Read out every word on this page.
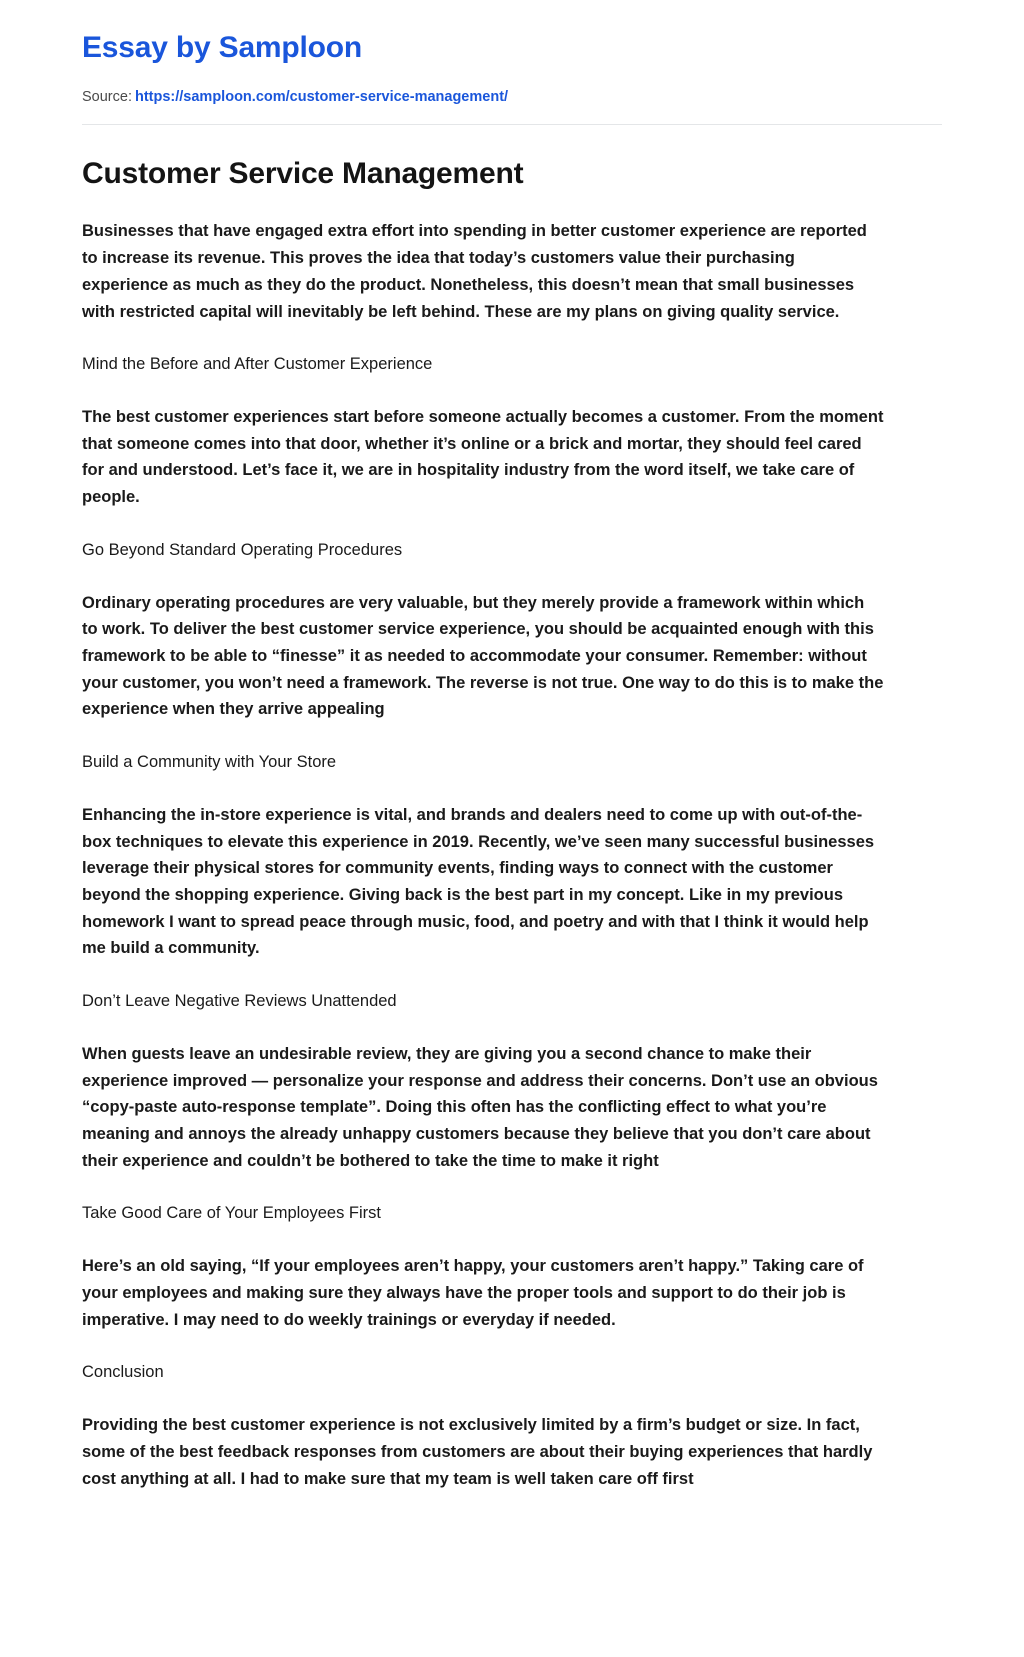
Essay by Samploon
Source: https://samploon.com/customer-service-management/
Customer Service Management

Businesses that have engaged extra effort into spending in better customer experience are reported to increase its revenue. This proves the idea that today’s customers value their purchasing experience as much as they do the product. Nonetheless, this doesn’t mean that small businesses with restricted capital will inevitably be left behind. These are my plans on giving quality service.

Mind the Before and After Customer Experience

The best customer experiences start before someone actually becomes a customer. From the moment that someone comes into that door, whether it’s online or a brick and mortar, they should feel cared for and understood. Let’s face it, we are in hospitality industry from the word itself, we take care of people.

Go Beyond Standard Operating Procedures

Ordinary operating procedures are very valuable, but they merely provide a framework within which to work. To deliver the best customer service experience, you should be acquainted enough with this framework to be able to “finesse” it as needed to accommodate your consumer. Remember: without your customer, you won’t need a framework. The reverse is not true. One way to do this is to make the experience when they arrive appealing

Build a Community with Your Store

Enhancing the in-store experience is vital, and brands and dealers need to come up with out-of-the-box techniques to elevate this experience in 2019. Recently, we’ve seen many successful businesses leverage their physical stores for community events, finding ways to connect with the customer beyond the shopping experience. Giving back is the best part in my concept. Like in my previous homework I want to spread peace through music, food, and poetry and with that I think it would help me build a community.

Don’t Leave Negative Reviews Unattended

When guests leave an undesirable review, they are giving you a second chance to make their experience improved — personalize your response and address their concerns. Don’t use an obvious “copy-paste auto-response template”. Doing this often has the conflicting effect to what you’re meaning and annoys the already unhappy customers because they believe that you don’t care about their experience and couldn’t be bothered to take the time to make it right

Take Good Care of Your Employees First

Here’s an old saying, “If your employees aren’t happy, your customers aren’t happy.” Taking care of your employees and making sure they always have the proper tools and support to do their job is imperative. I may need to do weekly trainings or everyday if needed.

Conclusion

Providing the best customer experience is not exclusively limited by a firm’s budget or size. In fact, some of the best feedback responses from customers are about their buying experiences that hardly cost anything at all. I had to make sure that my team is well taken care off first
